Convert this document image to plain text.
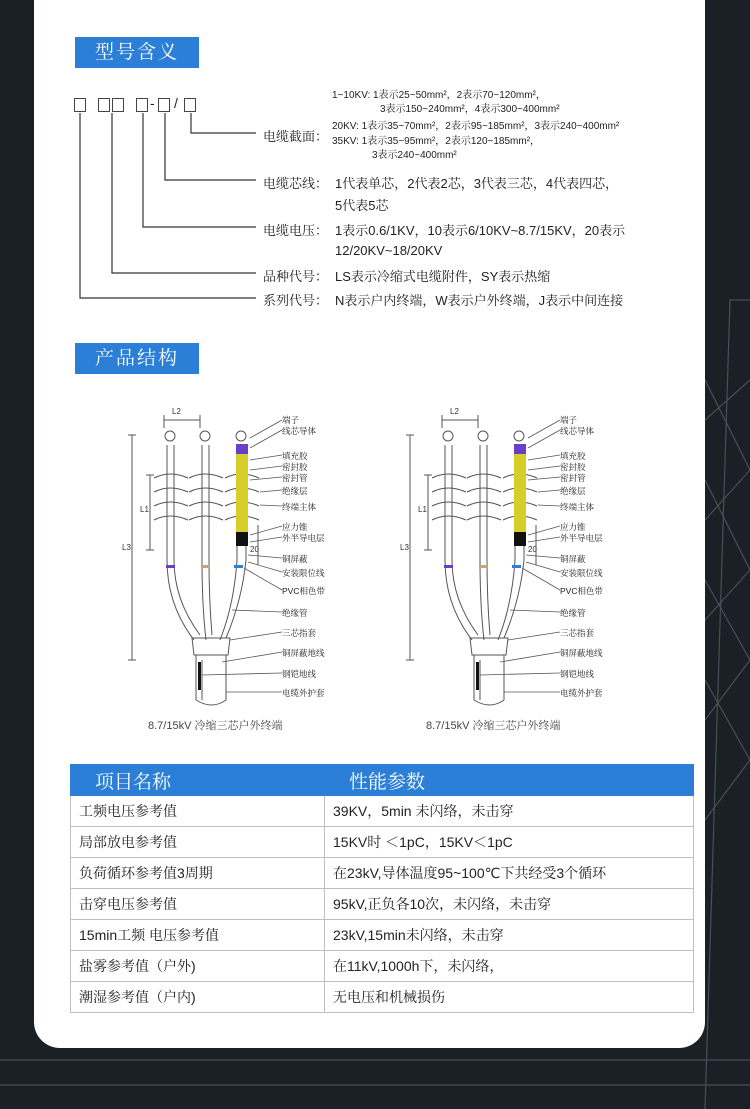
型号含义
- /
电缆截面：
1~10KV: 1表示25~50mm²，2表示70~120mm²，
3表示150~240mm²，4表示300~400mm²
20KV: 1表示35~70mm²，2表示95~185mm²，3表示240~400mm²
35KV: 1表示35~95mm²，2表示120~185mm²，
3表示240~400mm²
电缆芯线： 1代表单芯，2代表2芯，3代表三芯，4代表四芯，
5代表5芯
电缆电压： 1表示0.6/1KV，10表示6/10KV~8.7/15KV，20表示
12/20KV~18/20KV
品种代号： LS表示冷缩式电缆附件，SY表示热缩
系列代号： N表示户内终端，W表示户外终端，J表示中间连接
产品结构
L2
L3
L1
20
端子
线芯导体
填充胶
密封胶
密封管
绝缘层
终端主体
应力锥
外半导电层
铜屏蔽
安装限位线
PVC相色带
绝缘管
三芯指套
铜屏蔽地线
钢铠地线
电缆外护套
8.7/15kV 冷缩三芯户外终端
L2
L3
L1
20
端子
线芯导体
填充胶
密封胶
密封管
绝缘层
终端主体
应力锥
外半导电层
铜屏蔽
安装限位线
PVC相色带
绝缘管
三芯指套
铜屏蔽地线
钢铠地线
电缆外护套
8.7/15kV 冷缩三芯户外终端
项目名称	性能参数
工频电压参考值	39KV，5min 未闪络，未击穿
局部放电参考值	15KV时 ＜1pC，15KV＜1pC
负荷循环参考值3周期	在23kV,导体温度95~100℃下共经受3个循环
击穿电压参考值	95kV,正负各10次，未闪络，未击穿
15min工频 电压参考值	23kV,15min未闪络，未击穿
盐雾参考值（户外)	在11kV,1000h下，未闪络，
潮湿参考值（户内)	无电压和机械损伤
